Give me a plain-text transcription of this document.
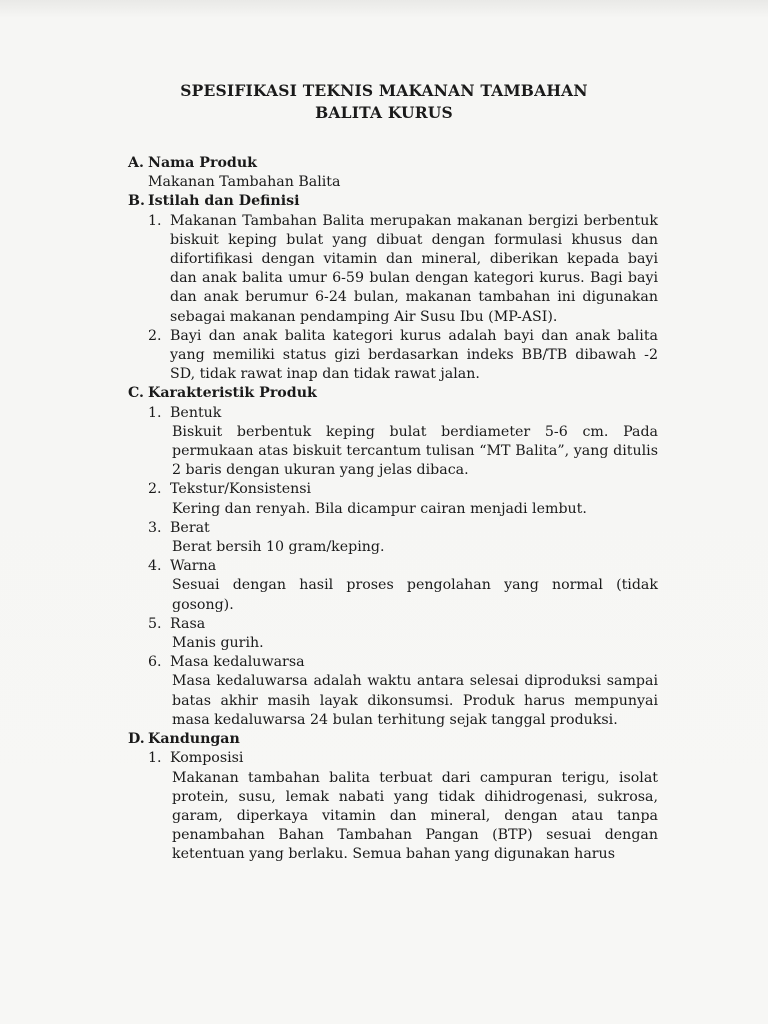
SPESIFIKASI TEKNIS MAKANAN TAMBAHAN
BALITA KURUS
A. Nama Produk
Makanan Tambahan Balita
B. Istilah dan Definisi
1. Makanan Tambahan Balita merupakan makanan bergizi berbentuk biskuit keping bulat yang dibuat dengan formulasi khusus dan difortifikasi dengan vitamin dan mineral, diberikan kepada bayi dan anak balita umur 6-59 bulan dengan kategori kurus. Bagi bayi dan anak berumur 6-24 bulan, makanan tambahan ini digunakan sebagai makanan pendamping Air Susu Ibu (MP-ASI).
2. Bayi dan anak balita kategori kurus adalah bayi dan anak balita yang memiliki status gizi berdasarkan indeks BB/TB dibawah -2 SD, tidak rawat inap dan tidak rawat jalan.
C. Karakteristik Produk
1. Bentuk
Biskuit berbentuk keping bulat berdiameter 5-6 cm. Pada permukaan atas biskuit tercantum tulisan “MT Balita”, yang ditulis 2 baris dengan ukuran yang jelas dibaca.
2. Tekstur/Konsistensi
Kering dan renyah. Bila dicampur cairan menjadi lembut.
3. Berat
Berat bersih 10 gram/keping.
4. Warna
Sesuai dengan hasil proses pengolahan yang normal (tidak gosong).
5. Rasa
Manis gurih.
6. Masa kedaluwarsa
Masa kedaluwarsa adalah waktu antara selesai diproduksi sampai batas akhir masih layak dikonsumsi. Produk harus mempunyai masa kedaluwarsa 24 bulan terhitung sejak tanggal produksi.
D. Kandungan
1. Komposisi
Makanan tambahan balita terbuat dari campuran terigu, isolat protein, susu, lemak nabati yang tidak dihidrogenasi, sukrosa, garam, diperkaya vitamin dan mineral, dengan atau tanpa penambahan Bahan Tambahan Pangan (BTP) sesuai dengan ketentuan yang berlaku. Semua bahan yang digunakan harus
